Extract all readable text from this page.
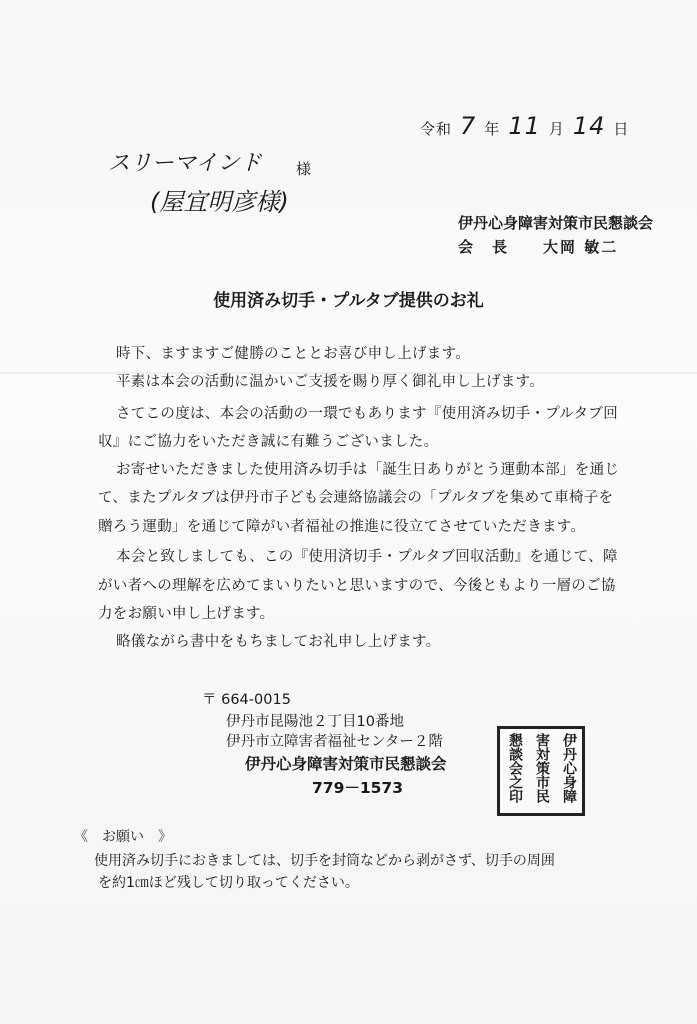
令和 7 年 11 月 14 日
スリーマインド 様
(屋宜明彦様)
伊丹心身障害対策市民懇談会
会　長　　大岡 敏二
使用済み切手・プルタブ提供のお礼
時下、ますますご健勝のこととお喜び申し上げます。
平素は本会の活動に温かいご支援を賜り厚く御礼申し上げます。
さてこの度は、本会の活動の一環でもあります『使用済み切手・プルタブ回
収』にご協力をいただき誠に有難うございました。
お寄せいただきました使用済み切手は「誕生日ありがとう運動本部」を通じ
て、またプルタブは伊丹市子ども会連絡協議会の「プルタブを集めて車椅子を
贈ろう運動」を通じて障がい者福祉の推進に役立てさせていただきます。
本会と致しましても、この『使用済切手・プルタブ回収活動』を通じて、障
がい者への理解を広めてまいりたいと思いますので、今後ともより一層のご協
力をお願い申し上げます。
略儀ながら書中をもちましてお礼申し上げます。
〒 664-0015
伊丹市昆陽池２丁目10番地
伊丹市立障害者福祉センター２階
伊丹心身障害対策市民懇談会
779－1573	伊丹心身障
害対策市民
懇談会之印
《　お願い　》
使用済み切手におきましては、切手を封筒などから剥がさず、切手の周囲
を約1㎝ほど残して切り取ってください。
